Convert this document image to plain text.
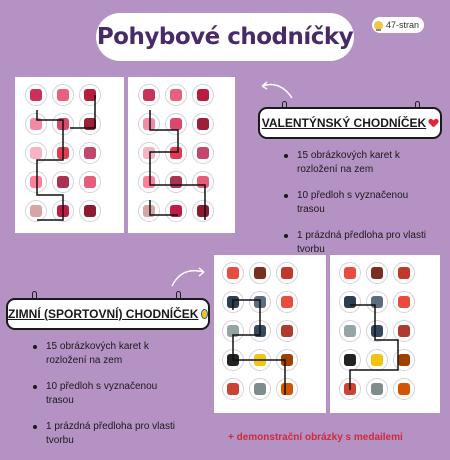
Pohybové chodníčky	47-stran
VALENTÝNSKÝ CHODNÍČEK
15 obrázkových karet k rozložení na zem
10 předloh s vyznačenou trasou
1 prázdná předloha pro vlasti tvorbu
ZIMNÍ (SPORTOVNÍ) CHODNÍČEK
15 obrázkových karet k rozložení na zem
10 předloh s vyznačenou trasou
1 prázdná předloha pro vlasti tvorbu	+ demonstrační obrázky s medailemi
